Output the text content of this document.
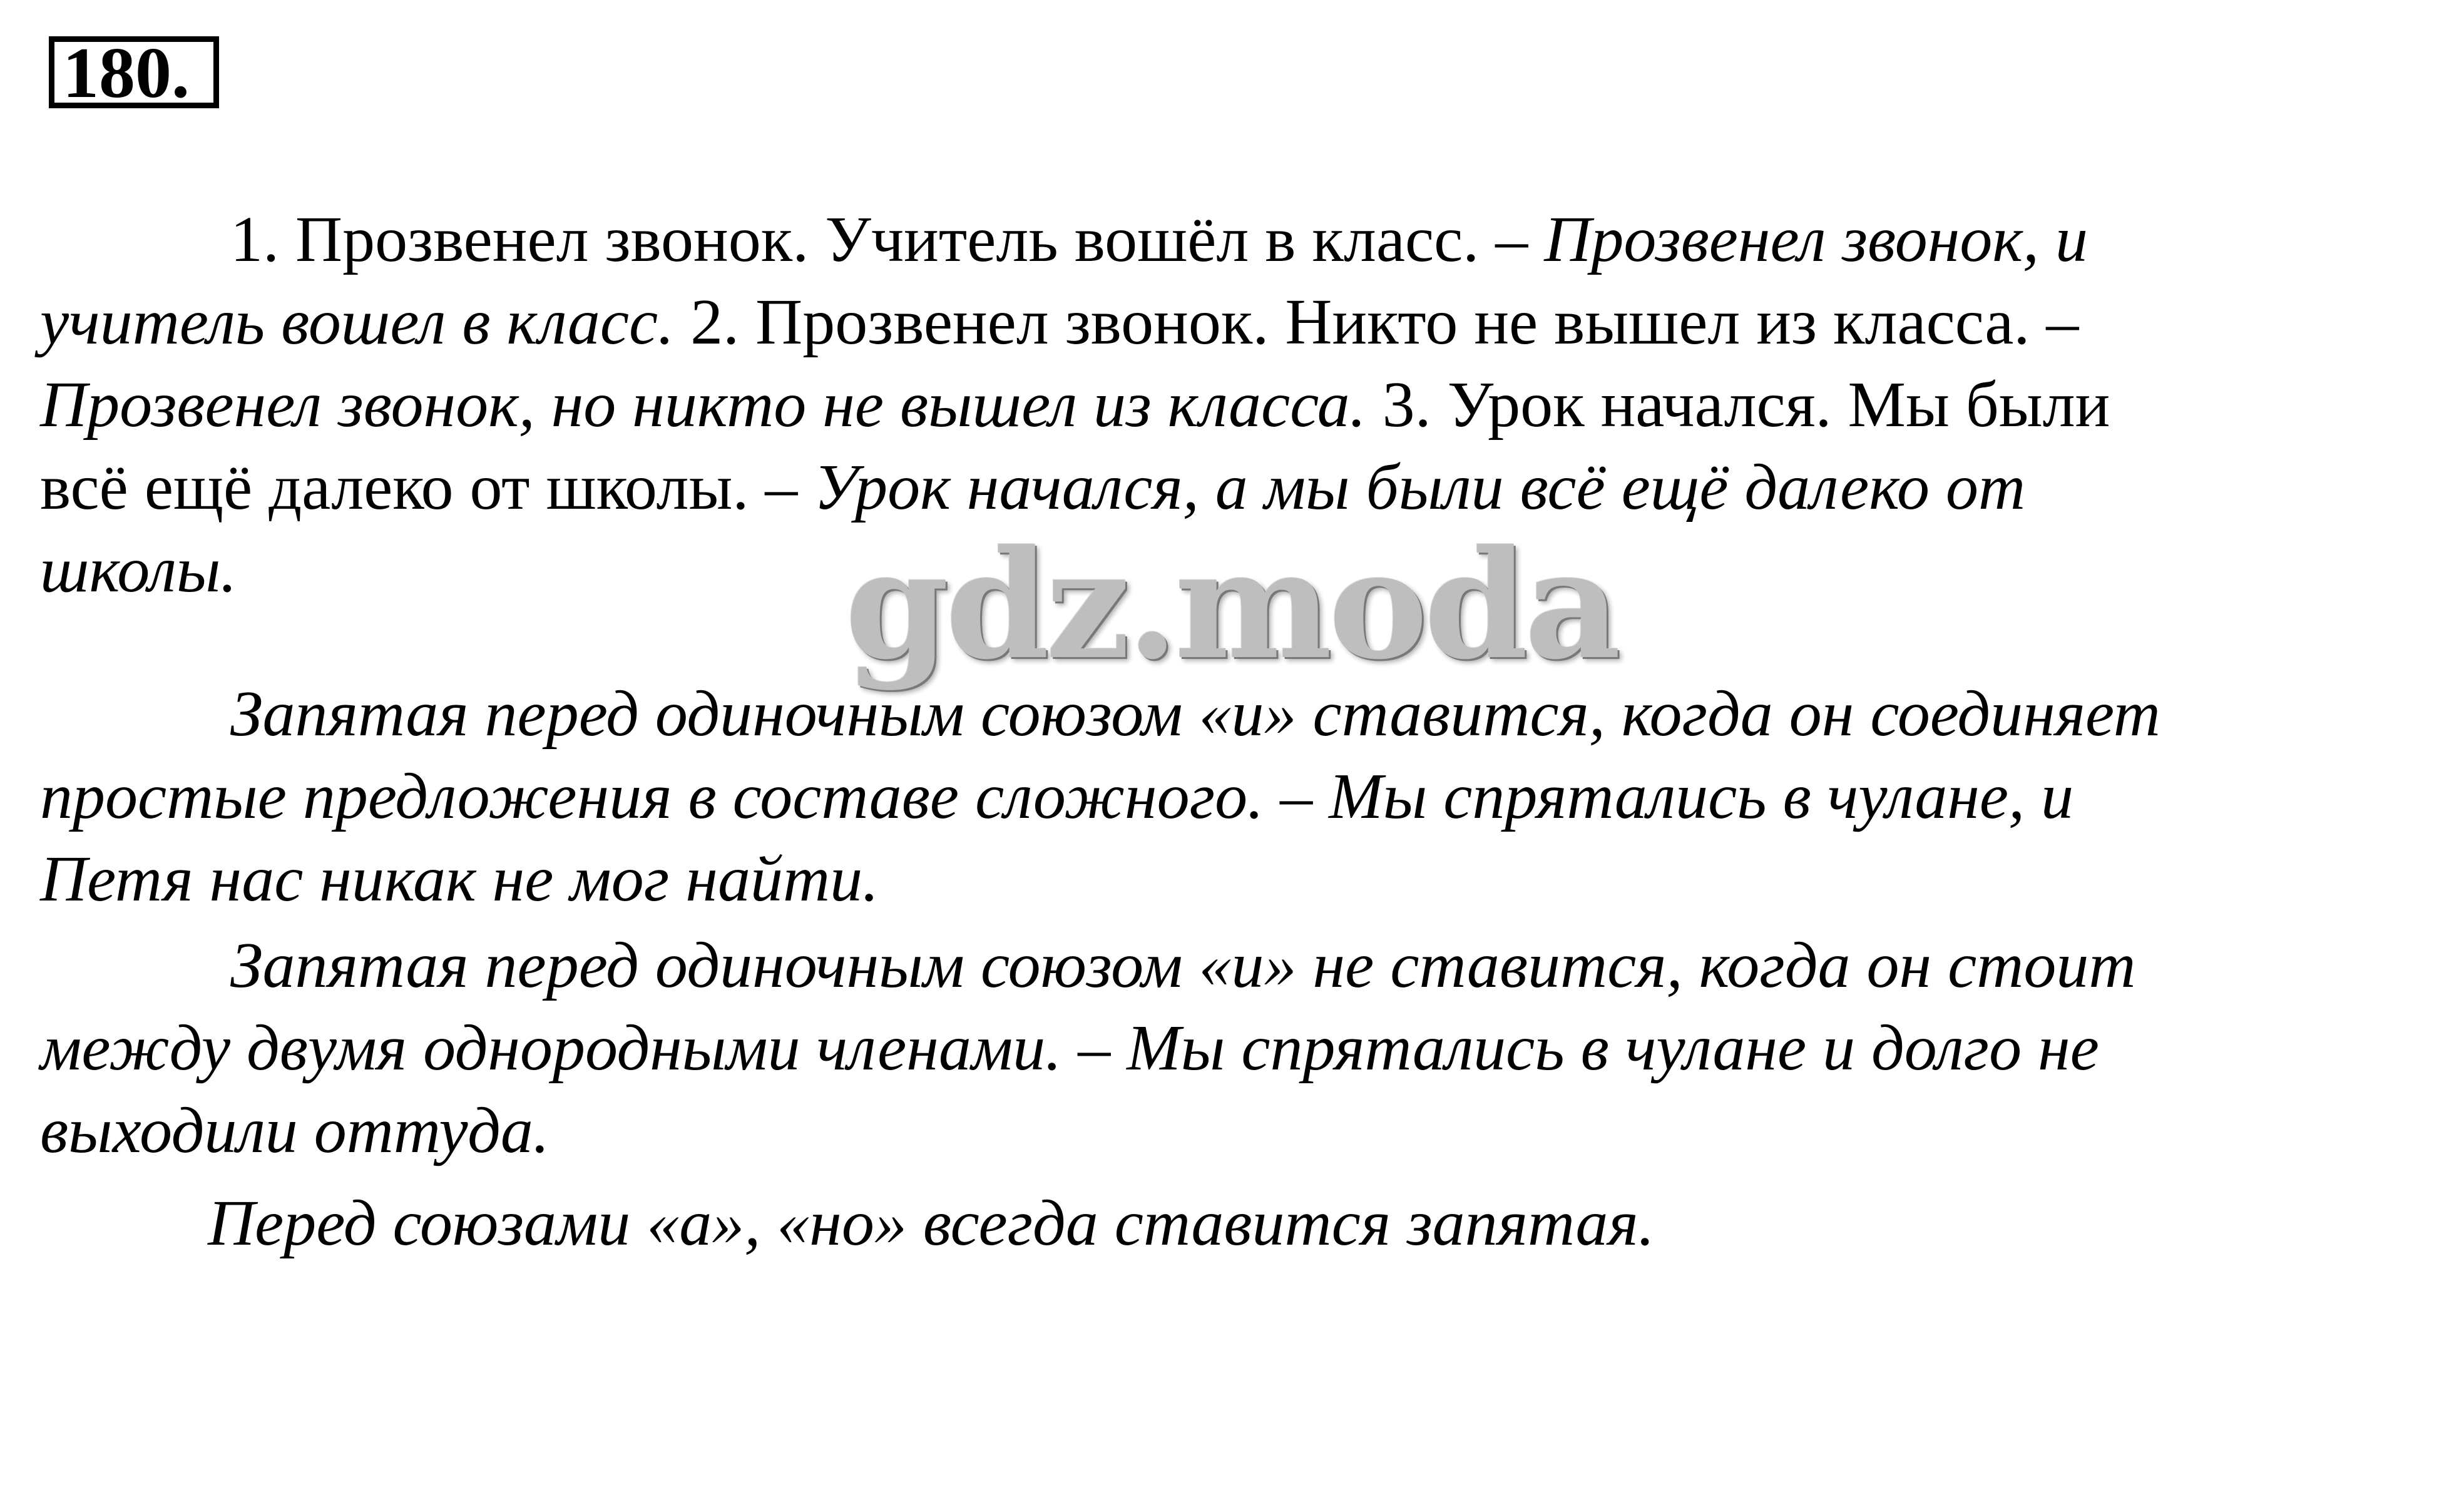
180.
1. Прозвенел звонок. Учитель вошёл в класс. – Прозвенел звонок, и
учитель вошел в класс. 2. Прозвенел звонок. Никто не вышел из класса. –
Прозвенел звонок, но никто не вышел из класса. 3. Урок начался. Мы были
всё ещё далеко от школы. – Урок начался, а мы были всё ещё далеко от
школы.
Запятая перед одиночным союзом «и» ставится, когда он соединяет
простые предложения в составе сложного. – Мы спрятались в чулане, и
Петя нас никак не мог найти.
Запятая перед одиночным союзом «и» не ставится, когда он стоит
между двумя однородными членами. – Мы спрятались в чулане и долго не
выходили оттуда.
Перед союзами «а», «но» всегда ставится запятая.
gdz.moda
